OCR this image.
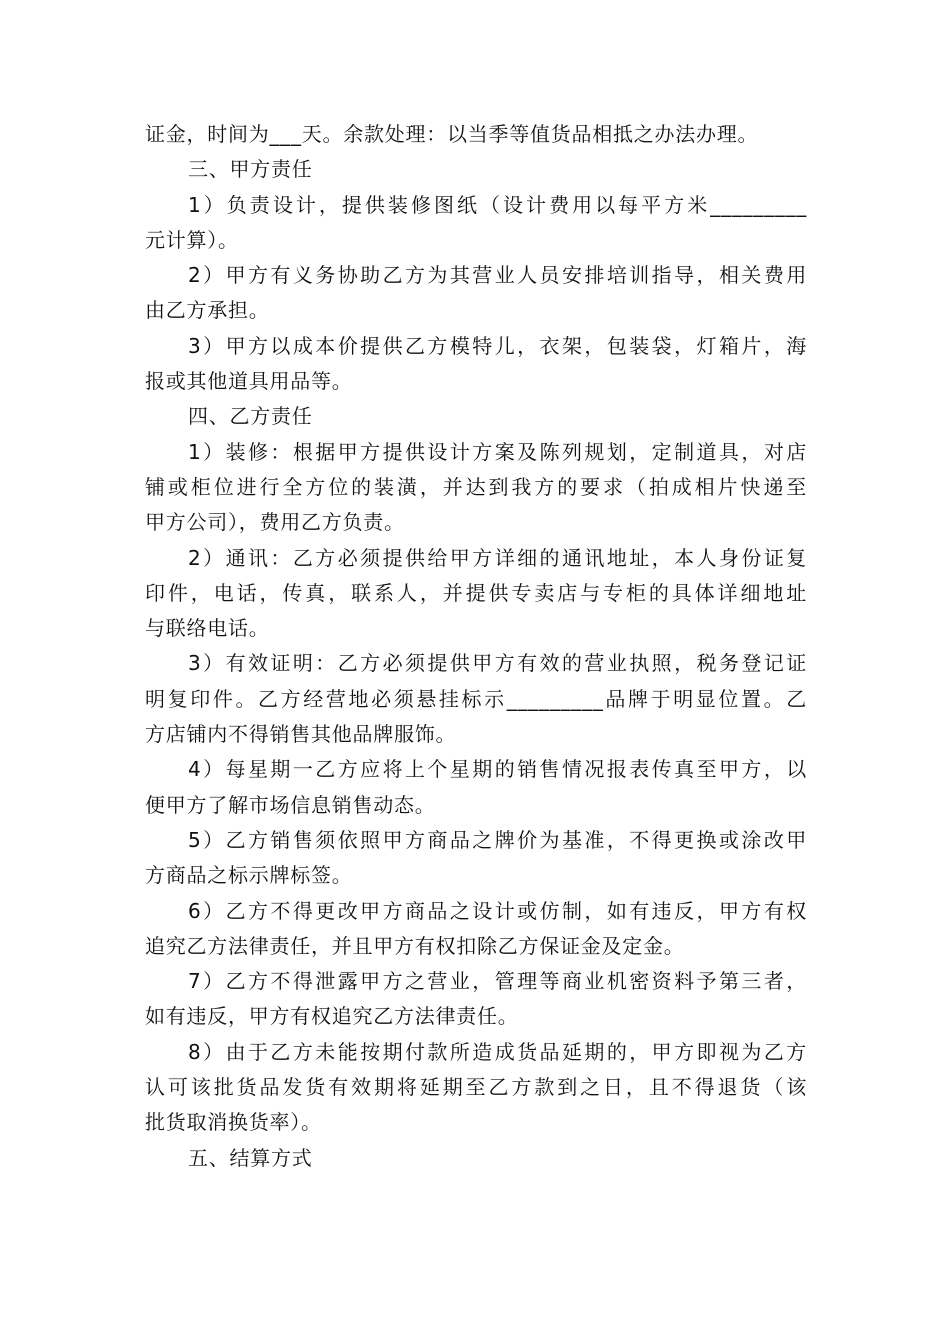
证金，时间为___天。余款处理：以当季等值货品相抵之办法办理。
三、甲方责任
1）负责设计，提供装修图纸（设计费用以每平方米_________
元计算）。
2）甲方有义务协助乙方为其营业人员安排培训指导，相关费用
由乙方承担。
3）甲方以成本价提供乙方模特儿，衣架，包装袋，灯箱片，海
报或其他道具用品等。
四、乙方责任
1）装修：根据甲方提供设计方案及陈列规划，定制道具，对店
铺或柜位进行全方位的装潢，并达到我方的要求（拍成相片快递至
甲方公司），费用乙方负责。
2）通讯：乙方必须提供给甲方详细的通讯地址，本人身份证复
印件，电话，传真，联系人，并提供专卖店与专柜的具体详细地址
与联络电话。
3）有效证明：乙方必须提供甲方有效的营业执照，税务登记证
明复印件。乙方经营地必须悬挂标示_________品牌于明显位置。乙
方店铺内不得销售其他品牌服饰。
4）每星期一乙方应将上个星期的销售情况报表传真至甲方，以
便甲方了解市场信息销售动态。
5）乙方销售须依照甲方商品之牌价为基准，不得更换或涂改甲
方商品之标示牌标签。
6）乙方不得更改甲方商品之设计或仿制，如有违反，甲方有权
追究乙方法律责任，并且甲方有权扣除乙方保证金及定金。
7）乙方不得泄露甲方之营业，管理等商业机密资料予第三者，
如有违反，甲方有权追究乙方法律责任。
8）由于乙方未能按期付款所造成货品延期的，甲方即视为乙方
认可该批货品发货有效期将延期至乙方款到之日，且不得退货（该
批货取消换货率）。
五、结算方式
